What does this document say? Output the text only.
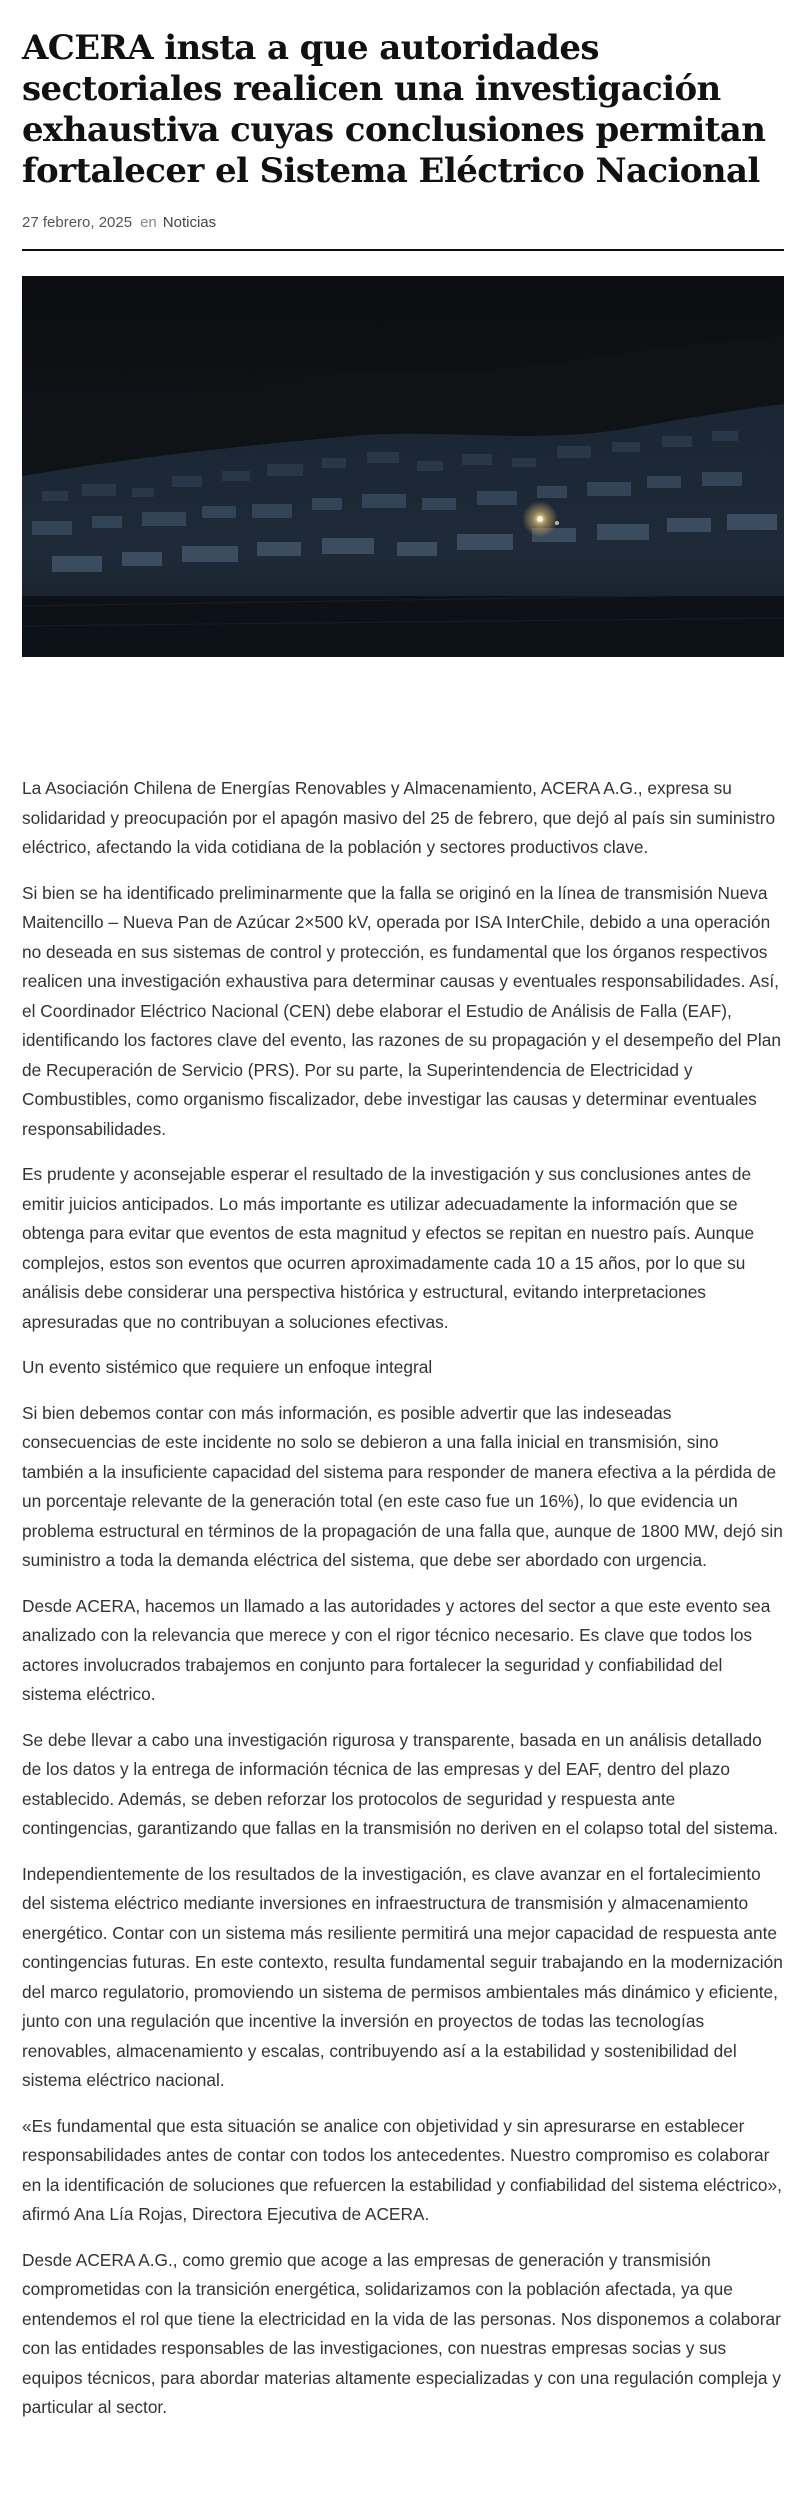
ACERA insta a que autoridades sectoriales realicen una investigación exhaustiva cuyas conclusiones permitan fortalecer el Sistema Eléctrico Nacional
27 febrero, 2025 en Noticias

La Asociación Chilena de Energías Renovables y Almacenamiento, ACERA A.G., expresa su solidaridad y preocupación por el apagón masivo del 25 de febrero, que dejó al país sin suministro eléctrico, afectando la vida cotidiana de la población y sectores productivos clave.

Si bien se ha identificado preliminarmente que la falla se originó en la línea de transmisión Nueva Maitencillo – Nueva Pan de Azúcar 2×500 kV, operada por ISA InterChile, debido a una operación no deseada en sus sistemas de control y protección, es fundamental que los órganos respectivos realicen una investigación exhaustiva para determinar causas y eventuales responsabilidades. Así, el Coordinador Eléctrico Nacional (CEN) debe elaborar el Estudio de Análisis de Falla (EAF), identificando los factores clave del evento, las razones de su propagación y el desempeño del Plan de Recuperación de Servicio (PRS). Por su parte, la Superintendencia de Electricidad y Combustibles, como organismo fiscalizador, debe investigar las causas y determinar eventuales responsabilidades.

Es prudente y aconsejable esperar el resultado de la investigación y sus conclusiones antes de emitir juicios anticipados. Lo más importante es utilizar adecuadamente la información que se obtenga para evitar que eventos de esta magnitud y efectos se repitan en nuestro país. Aunque complejos, estos son eventos que ocurren aproximadamente cada 10 a 15 años, por lo que su análisis debe considerar una perspectiva histórica y estructural, evitando interpretaciones apresuradas que no contribuyan a soluciones efectivas.

Un evento sistémico que requiere un enfoque integral

Si bien debemos contar con más información, es posible advertir que las indeseadas consecuencias de este incidente no solo se debieron a una falla inicial en transmisión, sino también a la insuficiente capacidad del sistema para responder de manera efectiva a la pérdida de un porcentaje relevante de la generación total (en este caso fue un 16%), lo que evidencia un problema estructural en términos de la propagación de una falla que, aunque de 1800 MW, dejó sin suministro a toda la demanda eléctrica del sistema, que debe ser abordado con urgencia.

Desde ACERA, hacemos un llamado a las autoridades y actores del sector a que este evento sea analizado con la relevancia que merece y con el rigor técnico necesario. Es clave que todos los actores involucrados trabajemos en conjunto para fortalecer la seguridad y confiabilidad del sistema eléctrico.

Se debe llevar a cabo una investigación rigurosa y transparente, basada en un análisis detallado de los datos y la entrega de información técnica de las empresas y del EAF, dentro del plazo establecido. Además, se deben reforzar los protocolos de seguridad y respuesta ante contingencias, garantizando que fallas en la transmisión no deriven en el colapso total del sistema.

Independientemente de los resultados de la investigación, es clave avanzar en el fortalecimiento del sistema eléctrico mediante inversiones en infraestructura de transmisión y almacenamiento energético. Contar con un sistema más resiliente permitirá una mejor capacidad de respuesta ante contingencias futuras. En este contexto, resulta fundamental seguir trabajando en la modernización del marco regulatorio, promoviendo un sistema de permisos ambientales más dinámico y eficiente, junto con una regulación que incentive la inversión en proyectos de todas las tecnologías renovables, almacenamiento y escalas, contribuyendo así a la estabilidad y sostenibilidad del sistema eléctrico nacional.

«Es fundamental que esta situación se analice con objetividad y sin apresurarse en establecer responsabilidades antes de contar con todos los antecedentes. Nuestro compromiso es colaborar en la identificación de soluciones que refuercen la estabilidad y confiabilidad del sistema eléctrico», afirmó Ana Lía Rojas, Directora Ejecutiva de ACERA.

Desde ACERA A.G., como gremio que acoge a las empresas de generación y transmisión comprometidas con la transición energética, solidarizamos con la población afectada, ya que entendemos el rol que tiene la electricidad en la vida de las personas. Nos disponemos a colaborar con las entidades responsables de las investigaciones, con nuestras empresas socias y sus equipos técnicos, para abordar materias altamente especializadas y con una regulación compleja y particular al sector.
